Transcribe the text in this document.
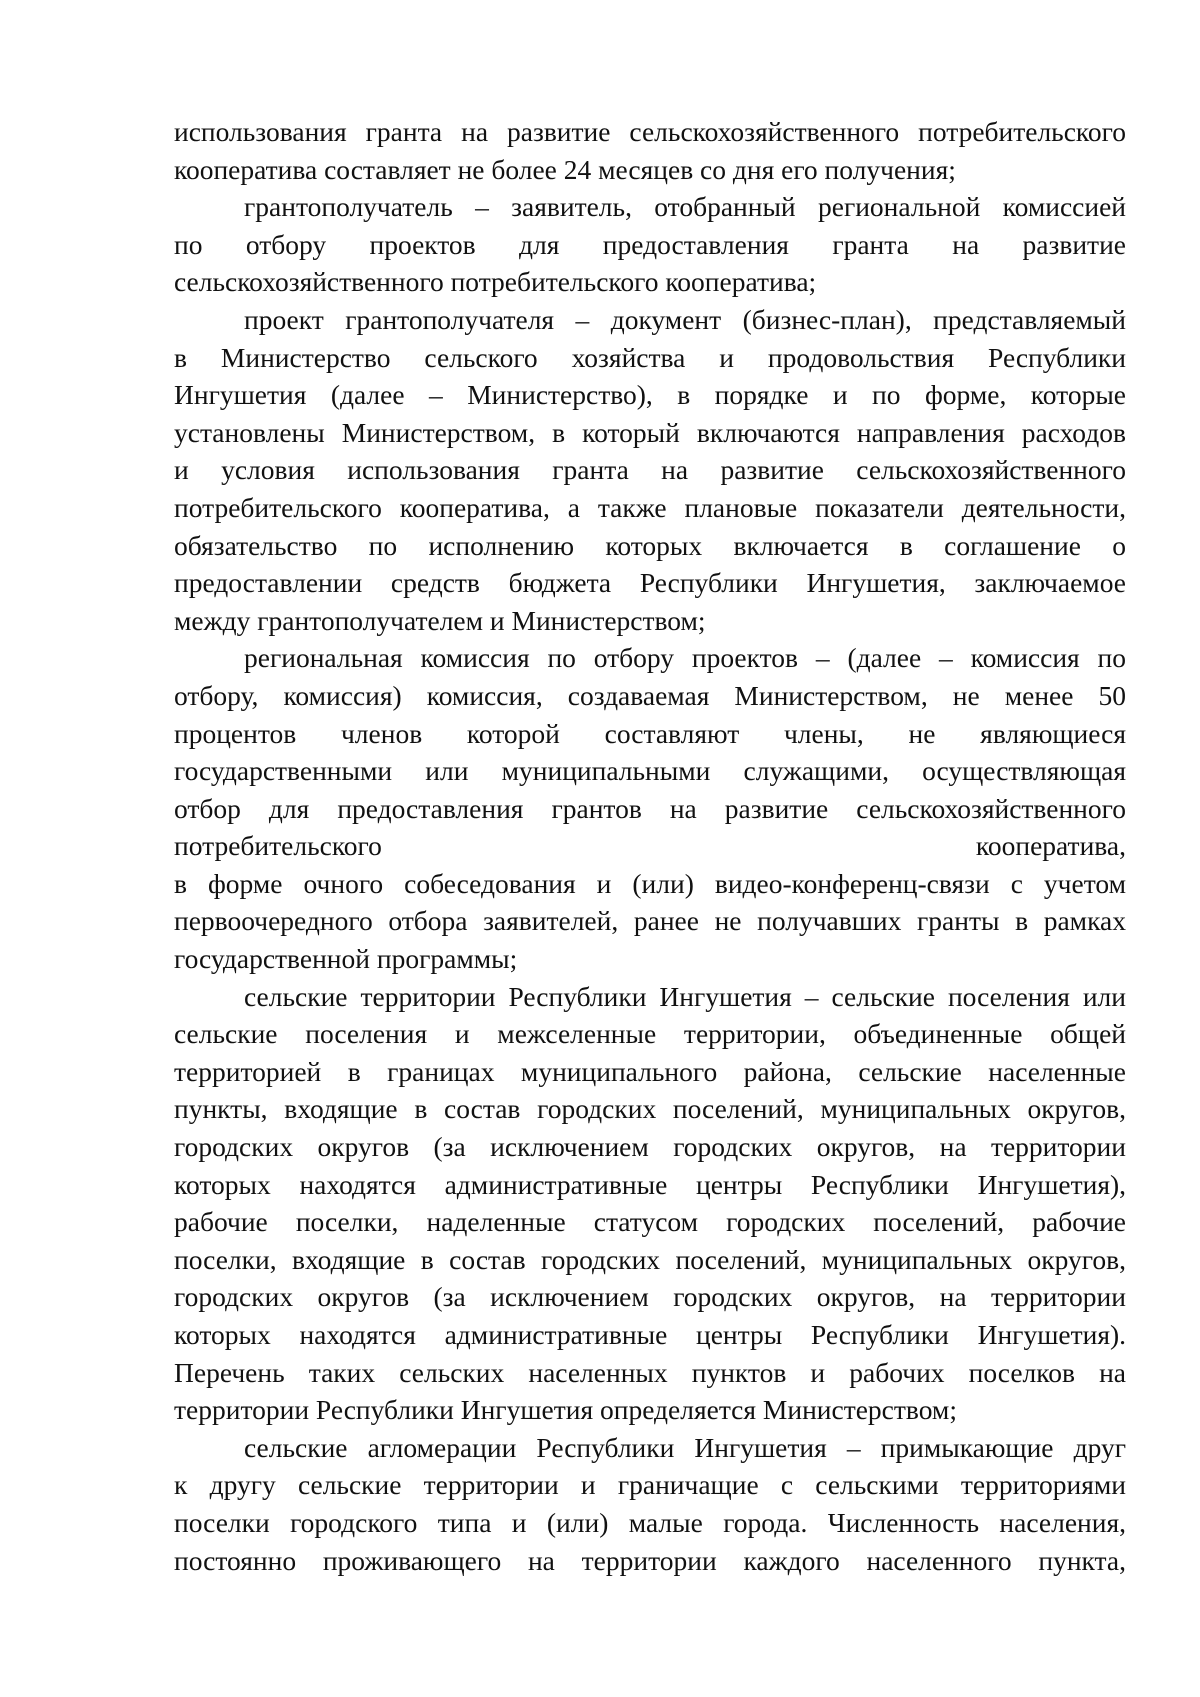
использования гранта на развитие сельскохозяйственного потребительского
кооператива составляет не более 24 месяцев со дня его получения;
грантополучатель – заявитель, отобранный региональной комиссией
по отбору проектов для предоставления гранта на развитие
сельскохозяйственного потребительского кооператива;
проект грантополучателя – документ (бизнес-план), представляемый
в Министерство сельского хозяйства и продовольствия Республики
Ингушетия (далее – Министерство), в порядке и по форме, которые
установлены Министерством, в который включаются направления расходов
и условия использования гранта на развитие сельскохозяйственного
потребительского кооператива, а также плановые показатели деятельности,
обязательство по исполнению которых включается в соглашение о
предоставлении средств бюджета Республики Ингушетия, заключаемое
между грантополучателем и Министерством;
региональная комиссия по отбору проектов – (далее – комиссия по
отбору, комиссия) комиссия, создаваемая Министерством, не менее 50
процентов членов которой составляют члены, не являющиеся
государственными или муниципальными служащими, осуществляющая
отбор для предоставления грантов на развитие сельскохозяйственного
потребительского кооператива,
в форме очного собеседования и (или) видео-конференц-связи с учетом
первоочередного отбора заявителей, ранее не получавших гранты в рамках
государственной программы;
сельские территории Республики Ингушетия – сельские поселения или
сельские поселения и межселенные территории, объединенные общей
территорией в границах муниципального района, сельские населенные
пункты, входящие в состав городских поселений, муниципальных округов,
городских округов (за исключением городских округов, на территории
которых находятся административные центры Республики Ингушетия),
рабочие поселки, наделенные статусом городских поселений, рабочие
поселки, входящие в состав городских поселений, муниципальных округов,
городских округов (за исключением городских округов, на территории
которых находятся административные центры Республики Ингушетия).
Перечень таких сельских населенных пунктов и рабочих поселков на
территории Республики Ингушетия определяется Министерством;
сельские агломерации Республики Ингушетия – примыкающие друг
к другу сельские территории и граничащие с сельскими территориями
поселки городского типа и (или) малые города. Численность населения,
постоянно проживающего на территории каждого населенного пункта,
